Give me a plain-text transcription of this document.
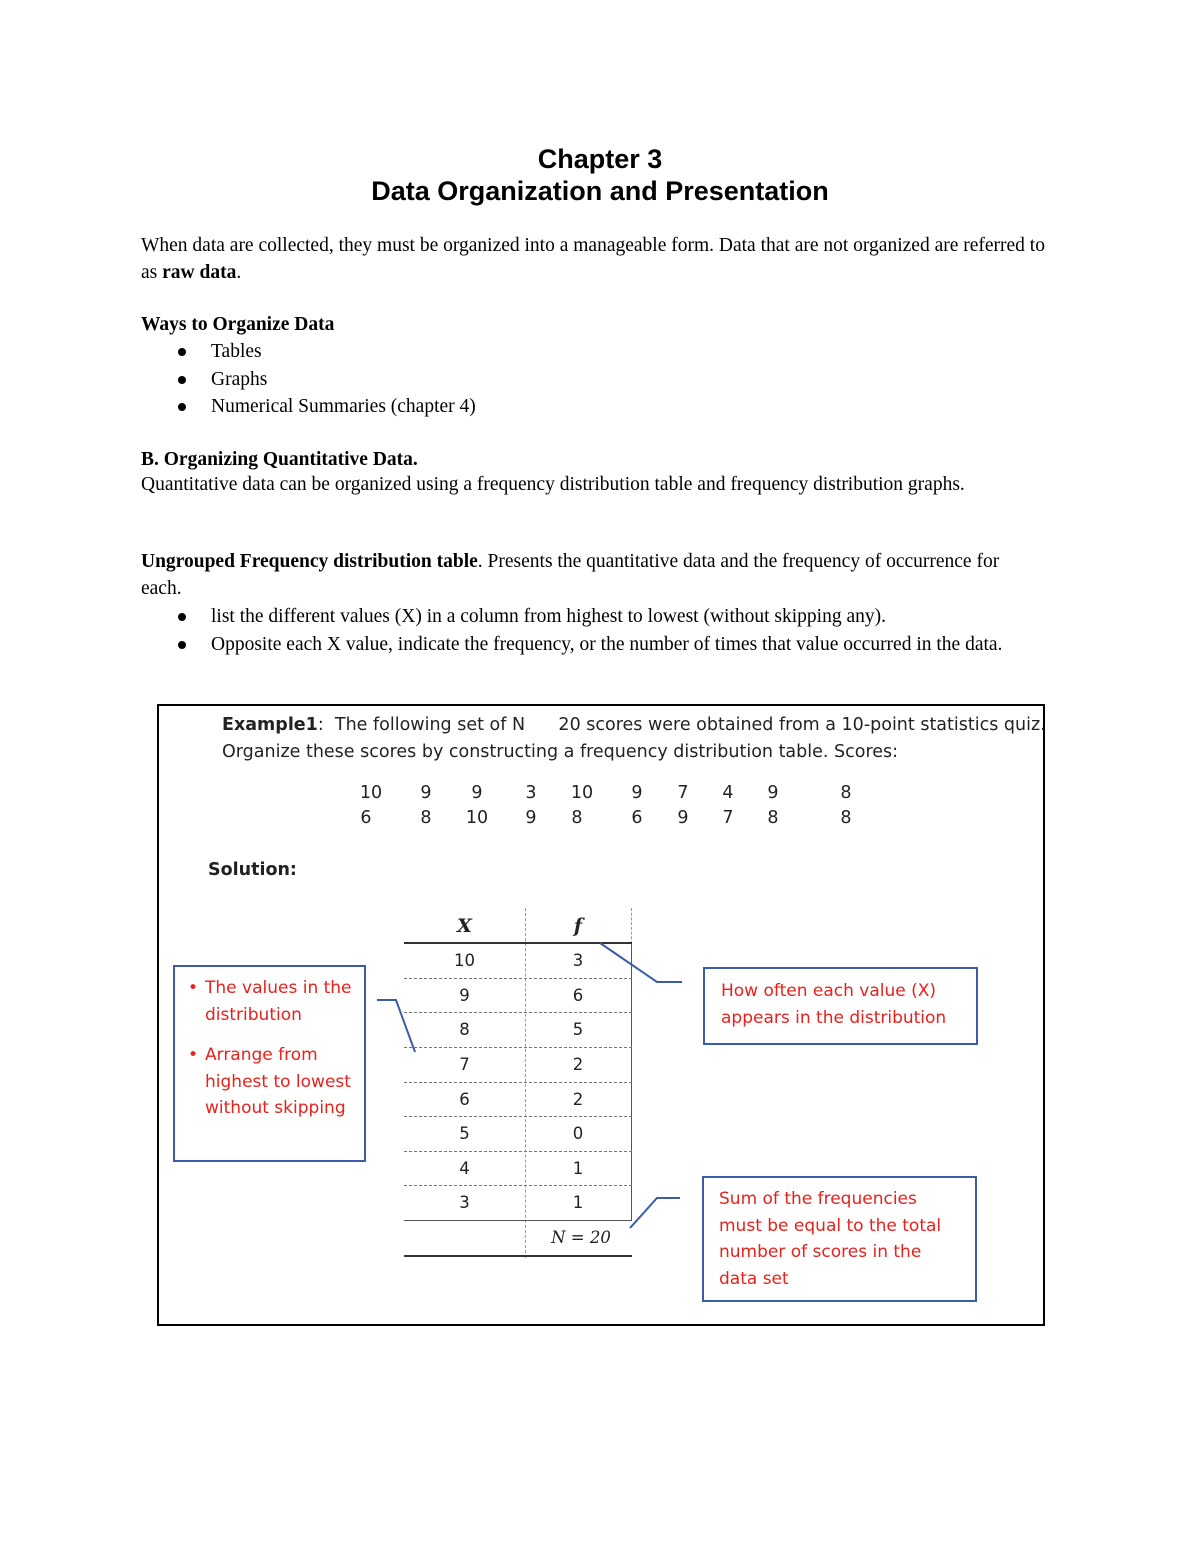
Chapter 3
Data Organization and Presentation
When data are collected, they must be organized into a manageable form. Data that are not organized are referred to as raw data.
Ways to Organize Data
Tables
Graphs
Numerical Summaries (chapter 4)
B. Organizing Quantitative Data.
Quantitative data can be organized using a frequency distribution table and frequency distribution graphs.
Ungrouped Frequency distribution table. Presents the quantitative data and the frequency of occurrence for each.
list the different values (X) in a column from highest to lowest (without skipping any).
Opposite each X value, indicate the frequency, or the number of times that value occurred in the data.
Example1:  The following set of N      20 scores were obtained from a 10-point statistics quiz.
Organize these scores by constructing a frequency distribution table. Scores:
10	9	9	3	10	9	7	4	9	8
6	8	10	9	8	6	9	7	8	8
Solution:
X	f
10	3
9	6
8	5
7	2
6	2
5	0
4	1
3	1
N = 20
• The values in the distribution
• Arrange from highest to lowest without skipping
How often each value (X) appears in the distribution
Sum of the frequencies must be equal to the total number of scores in the data set
